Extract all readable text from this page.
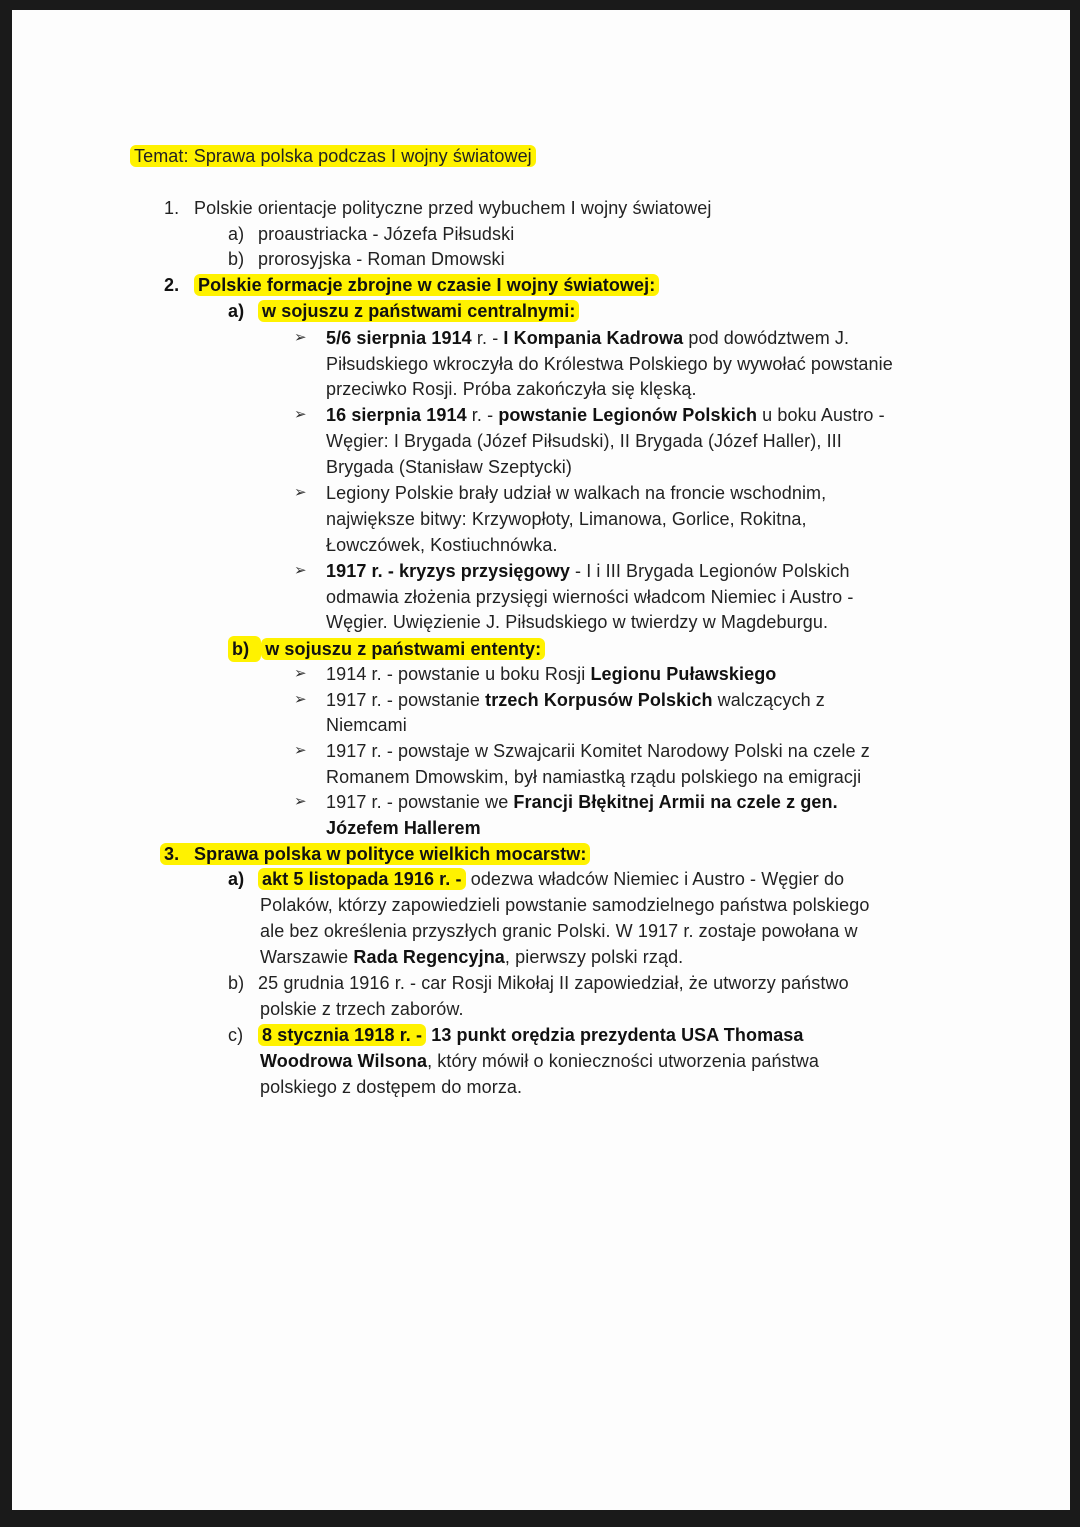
Temat: Sprawa polska podczas I wojny światowej
1. Polskie orientacje polityczne przed wybuchem I wojny światowej
a) proaustriacka - Józefa Piłsudski
b) prorosyjska - Roman Dmowski
2. Polskie formacje zbrojne w czasie I wojny światowej:
a) w sojuszu z państwami centralnymi:
➢ 5/6 sierpnia 1914 r. - I Kompania Kadrowa pod dowództwem J.
Piłsudskiego wkroczyła do Królestwa Polskiego by wywołać powstanie
przeciwko Rosji. Próba zakończyła się klęską.
➢ 16 sierpnia 1914 r. - powstanie Legionów Polskich u boku Austro -
Węgier: I Brygada (Józef Piłsudski), II Brygada (Józef Haller), III
Brygada (Stanisław Szeptycki)
➢ Legiony Polskie brały udział w walkach na froncie wschodnim,
największe bitwy: Krzywopłoty, Limanowa, Gorlice, Rokitna,
Łowczówek, Kostiuchnówka.
➢ 1917 r. - kryzys przysięgowy - I i III Brygada Legionów Polskich
odmawia złożenia przysięgi wierności władcom Niemiec i Austro -
Węgier. Uwięzienie J. Piłsudskiego w twierdzy w Magdeburgu.
b) w sojuszu z państwami ententy:
➢ 1914 r. - powstanie u boku Rosji Legionu Puławskiego
➢ 1917 r. - powstanie trzech Korpusów Polskich walczących z
Niemcami
➢ 1917 r. - powstaje w Szwajcarii Komitet Narodowy Polski na czele z
Romanem Dmowskim, był namiastką rządu polskiego na emigracji
➢ 1917 r. - powstanie we Francji Błękitnej Armii na czele z gen.
Józefem Hallerem
3. Sprawa polska w polityce wielkich mocarstw:
a) akt 5 listopada 1916 r. - odezwa władców Niemiec i Austro - Węgier do
Polaków, którzy zapowiedzieli powstanie samodzielnego państwa polskiego
ale bez określenia przyszłych granic Polski. W 1917 r. zostaje powołana w
Warszawie Rada Regencyjna, pierwszy polski rząd.
b) 25 grudnia 1916 r. - car Rosji Mikołaj II zapowiedział, że utworzy państwo
polskie z trzech zaborów.
c) 8 stycznia 1918 r. - 13 punkt orędzia prezydenta USA Thomasa
Woodrowa Wilsona, który mówił o konieczności utworzenia państwa
polskiego z dostępem do morza.
